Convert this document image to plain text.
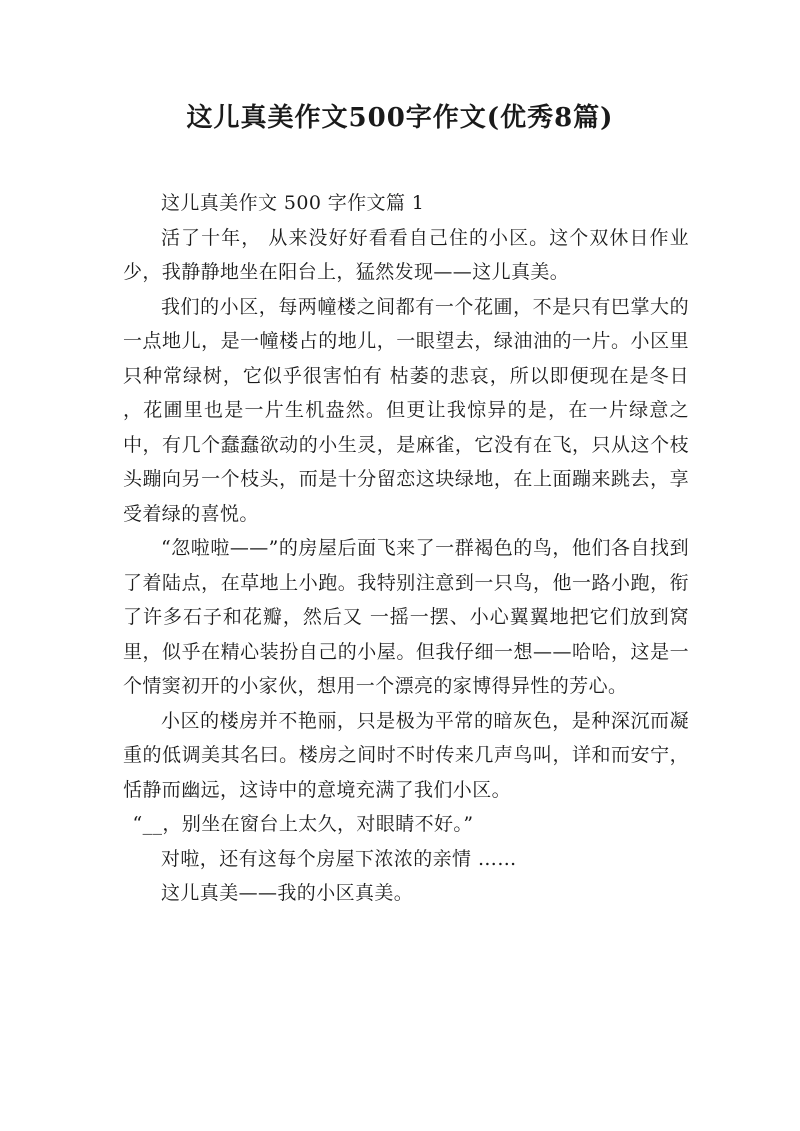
这儿真美作文500字作文(优秀8篇)

这儿真美作文 500 字作文篇 1

活了十年， 从来没好好看看自己住的小区。这个双休日作业少，我静静地坐在阳台上，猛然发现——这儿真美。

我们的小区，每两幢楼之间都有一个花圃，不是只有巴掌大的一点地儿，是一幢楼占的地儿，一眼望去，绿油油的一片。小区里只种常绿树，它似乎很害怕有 枯萎的悲哀，所以即便现在是冬日 ，花圃里也是一片生机盎然。但更让我惊异的是，在一片绿意之中，有几个蠢蠢欲动的小生灵，是麻雀，它没有在飞，只从这个枝 头蹦向另一个枝头，而是十分留恋这块绿地，在上面蹦来跳去，享受着绿的喜悦。

“忽啦啦——”的房屋后面飞来了一群褐色的鸟，他们各自找到了着陆点，在草地上小跑。我特别注意到一只鸟，他一路小跑，衔了许多石子和花瓣，然后又 一摇一摆、小心翼翼地把它们放到窝里，似乎在精心装扮自己的小屋。但我仔细一想——哈哈，这是一个情窦初开的小家伙，想用一个漂亮的家博得异性的芳心。

小区的楼房并不艳丽，只是极为平常的暗灰色，是种深沉而凝重的低调美其名曰。楼房之间时不时传来几声鸟叫，详和而安宁，恬静而幽远，这诗中的意境充满了我们小区。

“__，别坐在窗台上太久，对眼睛不好。”

对啦，还有这每个房屋下浓浓的亲情 ……

这儿真美——我的小区真美。
